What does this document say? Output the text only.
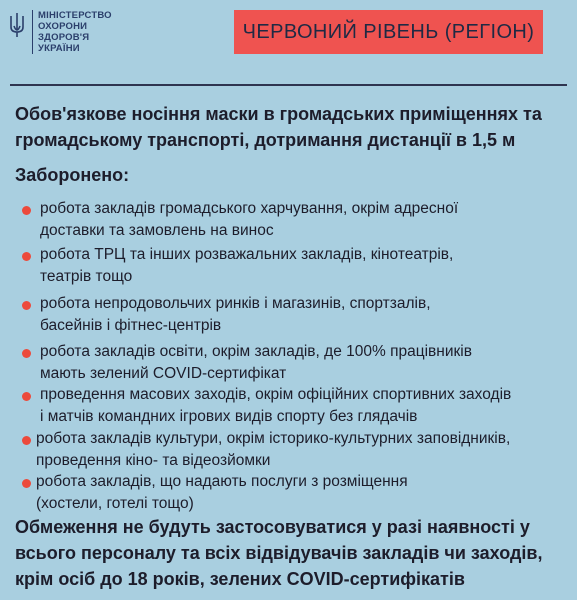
МІНІСТЕРСТВО
ОХОРОНИ
ЗДОРОВ'Я
УКРАЇНИ
ЧЕРВОНИЙ РІВЕНЬ (РЕГІОН)
Обов'язкове носіння маски в громадських приміщеннях та громадському транспорті, дотримання дистанції в 1,5 м
Заборонено:
робота закладів громадського харчування, окрім адресної
доставки та замовлень на винос
робота ТРЦ та інших розважальних закладів, кінотеатрів,
театрів тощо
робота непродовольчих ринків і магазинів, спортзалів,
басейнів і фітнес-центрів
робота закладів освіти, окрім закладів, де 100% працівників
мають зелений COVID-сертифікат
проведення масових заходів, окрім офіційних спортивних заходів
і матчів командних ігрових видів спорту без глядачів
робота закладів культури, окрім історико-культурних заповідників,
проведення кіно- та відеозйомки
робота закладів, що надають послуги з розміщення
(хостели, готелі тощо)
Обмеження не будуть застосовуватися у разі наявності у всього персоналу та всіх відвідувачів закладів чи заходів, крім осіб до 18 років, зелених COVID-сертифікатів
